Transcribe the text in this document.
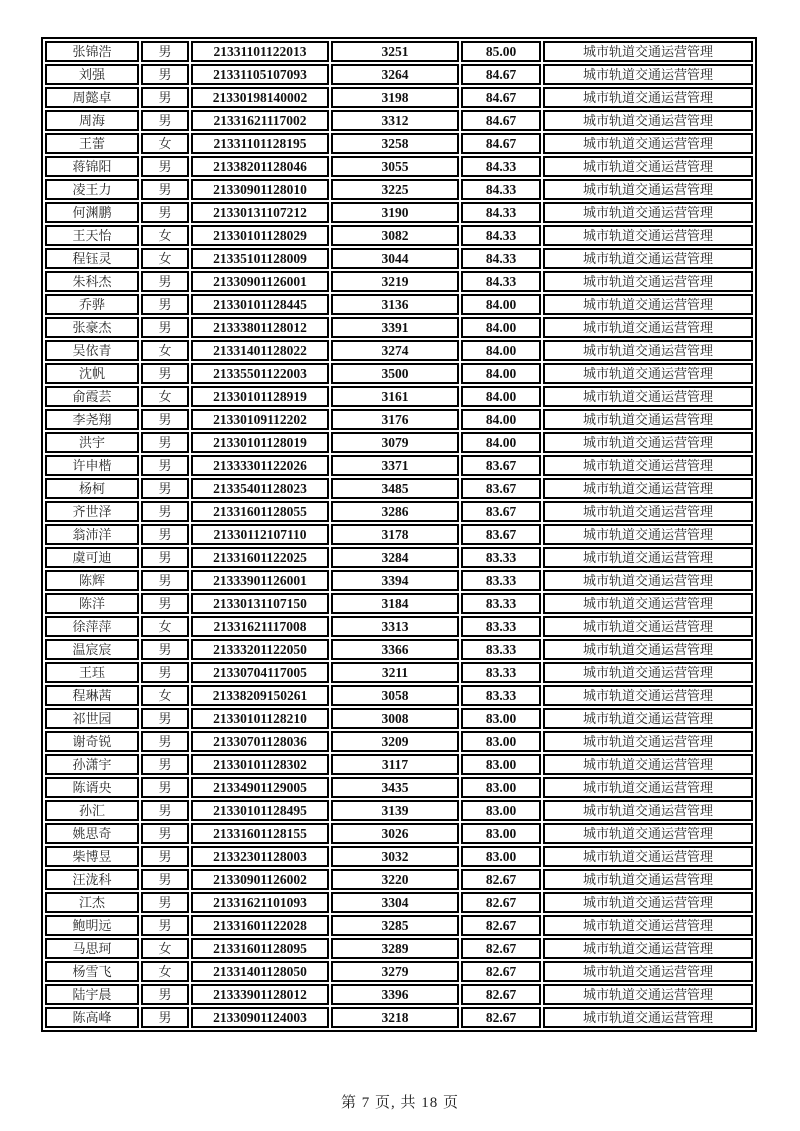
张锦浩	男	21331101122013	3251	85.00	城市轨道交通运营管理
刘强	男	21331105107093	3264	84.67	城市轨道交通运营管理
周懿卓	男	21330198140002	3198	84.67	城市轨道交通运营管理
周海	男	21331621117002	3312	84.67	城市轨道交通运营管理
王蕾	女	21331101128195	3258	84.67	城市轨道交通运营管理
蒋锦阳	男	21338201128046	3055	84.33	城市轨道交通运营管理
凌王力	男	21330901128010	3225	84.33	城市轨道交通运营管理
何渊鹏	男	21330131107212	3190	84.33	城市轨道交通运营管理
王天怡	女	21330101128029	3082	84.33	城市轨道交通运营管理
程钰灵	女	21335101128009	3044	84.33	城市轨道交通运营管理
朱科杰	男	21330901126001	3219	84.33	城市轨道交通运营管理
乔骅	男	21330101128445	3136	84.00	城市轨道交通运营管理
张豪杰	男	21333801128012	3391	84.00	城市轨道交通运营管理
吴依青	女	21331401128022	3274	84.00	城市轨道交通运营管理
沈帆	男	21335501122003	3500	84.00	城市轨道交通运营管理
俞霞芸	女	21330101128919	3161	84.00	城市轨道交通运营管理
李尧翔	男	21330109112202	3176	84.00	城市轨道交通运营管理
洪宇	男	21330101128019	3079	84.00	城市轨道交通运营管理
许申楷	男	21333301122026	3371	83.67	城市轨道交通运营管理
杨柯	男	21335401128023	3485	83.67	城市轨道交通运营管理
齐世泽	男	21331601128055	3286	83.67	城市轨道交通运营管理
翁沛洋	男	21330112107110	3178	83.67	城市轨道交通运营管理
虞可迪	男	21331601122025	3284	83.33	城市轨道交通运营管理
陈辉	男	21333901126001	3394	83.33	城市轨道交通运营管理
陈洋	男	21330131107150	3184	83.33	城市轨道交通运营管理
徐萍萍	女	21331621117008	3313	83.33	城市轨道交通运营管理
温宸宸	男	21333201122050	3366	83.33	城市轨道交通运营管理
王珏	男	21330704117005	3211	83.33	城市轨道交通运营管理
程琳茜	女	21338209150261	3058	83.33	城市轨道交通运营管理
祁世园	男	21330101128210	3008	83.00	城市轨道交通运营管理
谢奇锐	男	21330701128036	3209	83.00	城市轨道交通运营管理
孙潇宇	男	21330101128302	3117	83.00	城市轨道交通运营管理
陈谞央	男	21334901129005	3435	83.00	城市轨道交通运营管理
孙汇	男	21330101128495	3139	83.00	城市轨道交通运营管理
姚思奇	男	21331601128155	3026	83.00	城市轨道交通运营管理
柴博昱	男	21332301128003	3032	83.00	城市轨道交通运营管理
汪泷科	男	21330901126002	3220	82.67	城市轨道交通运营管理
江杰	男	21331621101093	3304	82.67	城市轨道交通运营管理
鲍明远	男	21331601122028	3285	82.67	城市轨道交通运营管理
马思珂	女	21331601128095	3289	82.67	城市轨道交通运营管理
杨雪飞	女	21331401128050	3279	82.67	城市轨道交通运营管理
陆宇晨	男	21333901128012	3396	82.67	城市轨道交通运营管理
陈高峰	男	21330901124003	3218	82.67	城市轨道交通运营管理
第 7 页, 共 18 页
